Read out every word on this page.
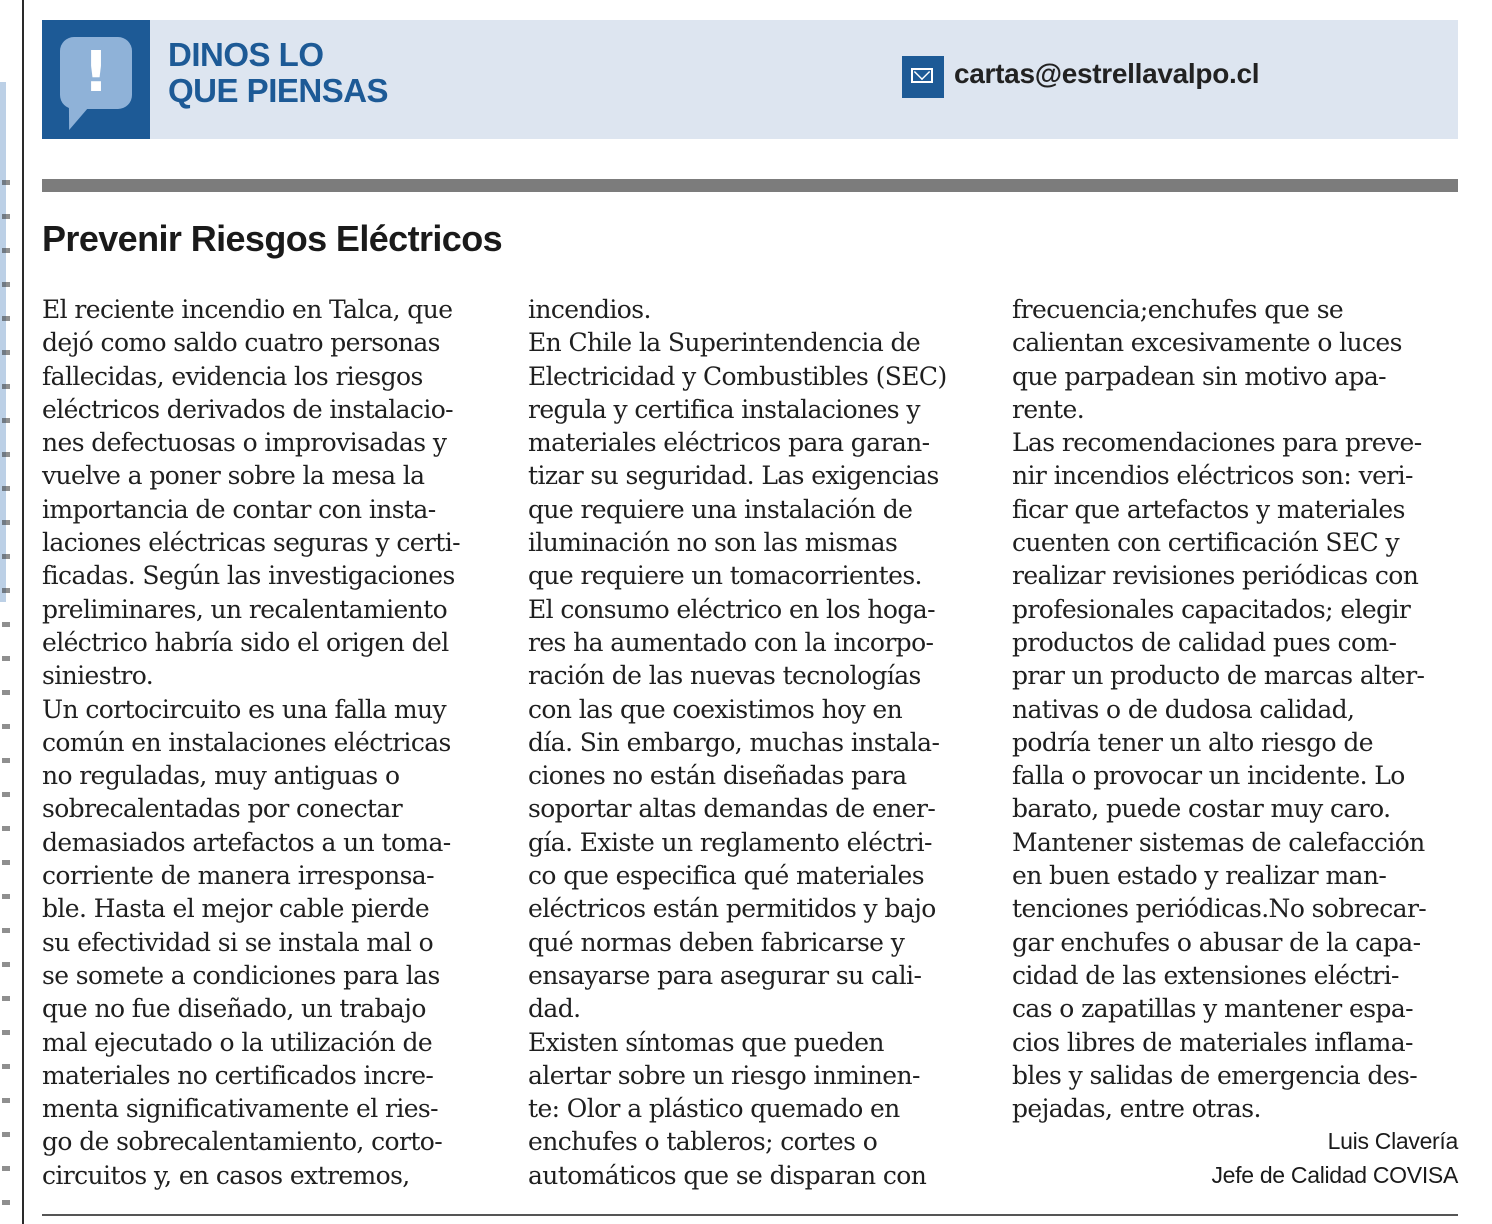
!	DINOS LO
QUE PIENSAS	cartas@estrellavalpo.cl
Prevenir Riesgos Eléctricos
El reciente incendio en Talca, que
dejó como saldo cuatro personas
fallecidas, evidencia los riesgos
eléctricos derivados de instalacio-
nes defectuosas o improvisadas y
vuelve a poner sobre la mesa la
importancia de contar con insta-
laciones eléctricas seguras y certi-
ficadas. Según las investigaciones
preliminares, un recalentamiento
eléctrico habría sido el origen del
siniestro.
Un cortocircuito es una falla muy
común en instalaciones eléctricas
no reguladas, muy antiguas o
sobrecalentadas por conectar
demasiados artefactos a un toma-
corriente de manera irresponsa-
ble. Hasta el mejor cable pierde
su efectividad si se instala mal o
se somete a condiciones para las
que no fue diseñado, un trabajo
mal ejecutado o la utilización de
materiales no certificados incre-
menta significativamente el ries-
go de sobrecalentamiento, corto-
circuitos y, en casos extremos,
incendios.
En Chile la Superintendencia de
Electricidad y Combustibles (SEC)
regula y certifica instalaciones y
materiales eléctricos para garan-
tizar su seguridad. Las exigencias
que requiere una instalación de
iluminación no son las mismas
que requiere un tomacorrientes.
El consumo eléctrico en los hoga-
res ha aumentado con la incorpo-
ración de las nuevas tecnologías
con las que coexistimos hoy en
día. Sin embargo, muchas instala-
ciones no están diseñadas para
soportar altas demandas de ener-
gía. Existe un reglamento eléctri-
co que especifica qué materiales
eléctricos están permitidos y bajo
qué normas deben fabricarse y
ensayarse para asegurar su cali-
dad.
Existen síntomas que pueden
alertar sobre un riesgo inminen-
te: Olor a plástico quemado en
enchufes o tableros; cortes o
automáticos que se disparan con
frecuencia;enchufes que se
calientan excesivamente o luces
que parpadean sin motivo apa-
rente.
Las recomendaciones para preve-
nir incendios eléctricos son: veri-
ficar que artefactos y materiales
cuenten con certificación SEC y
realizar revisiones periódicas con
profesionales capacitados; elegir
productos de calidad pues com-
prar un producto de marcas alter-
nativas o de dudosa calidad,
podría tener un alto riesgo de
falla o provocar un incidente. Lo
barato, puede costar muy caro.
Mantener sistemas de calefacción
en buen estado y realizar man-
tenciones periódicas.No sobrecar-
gar enchufes o abusar de la capa-
cidad de las extensiones eléctri-
cas o zapatillas y mantener espa-
cios libres de materiales inflama-
bles y salidas de emergencia des-
pejadas, entre otras.
Luis Clavería
Jefe de Calidad COVISA
